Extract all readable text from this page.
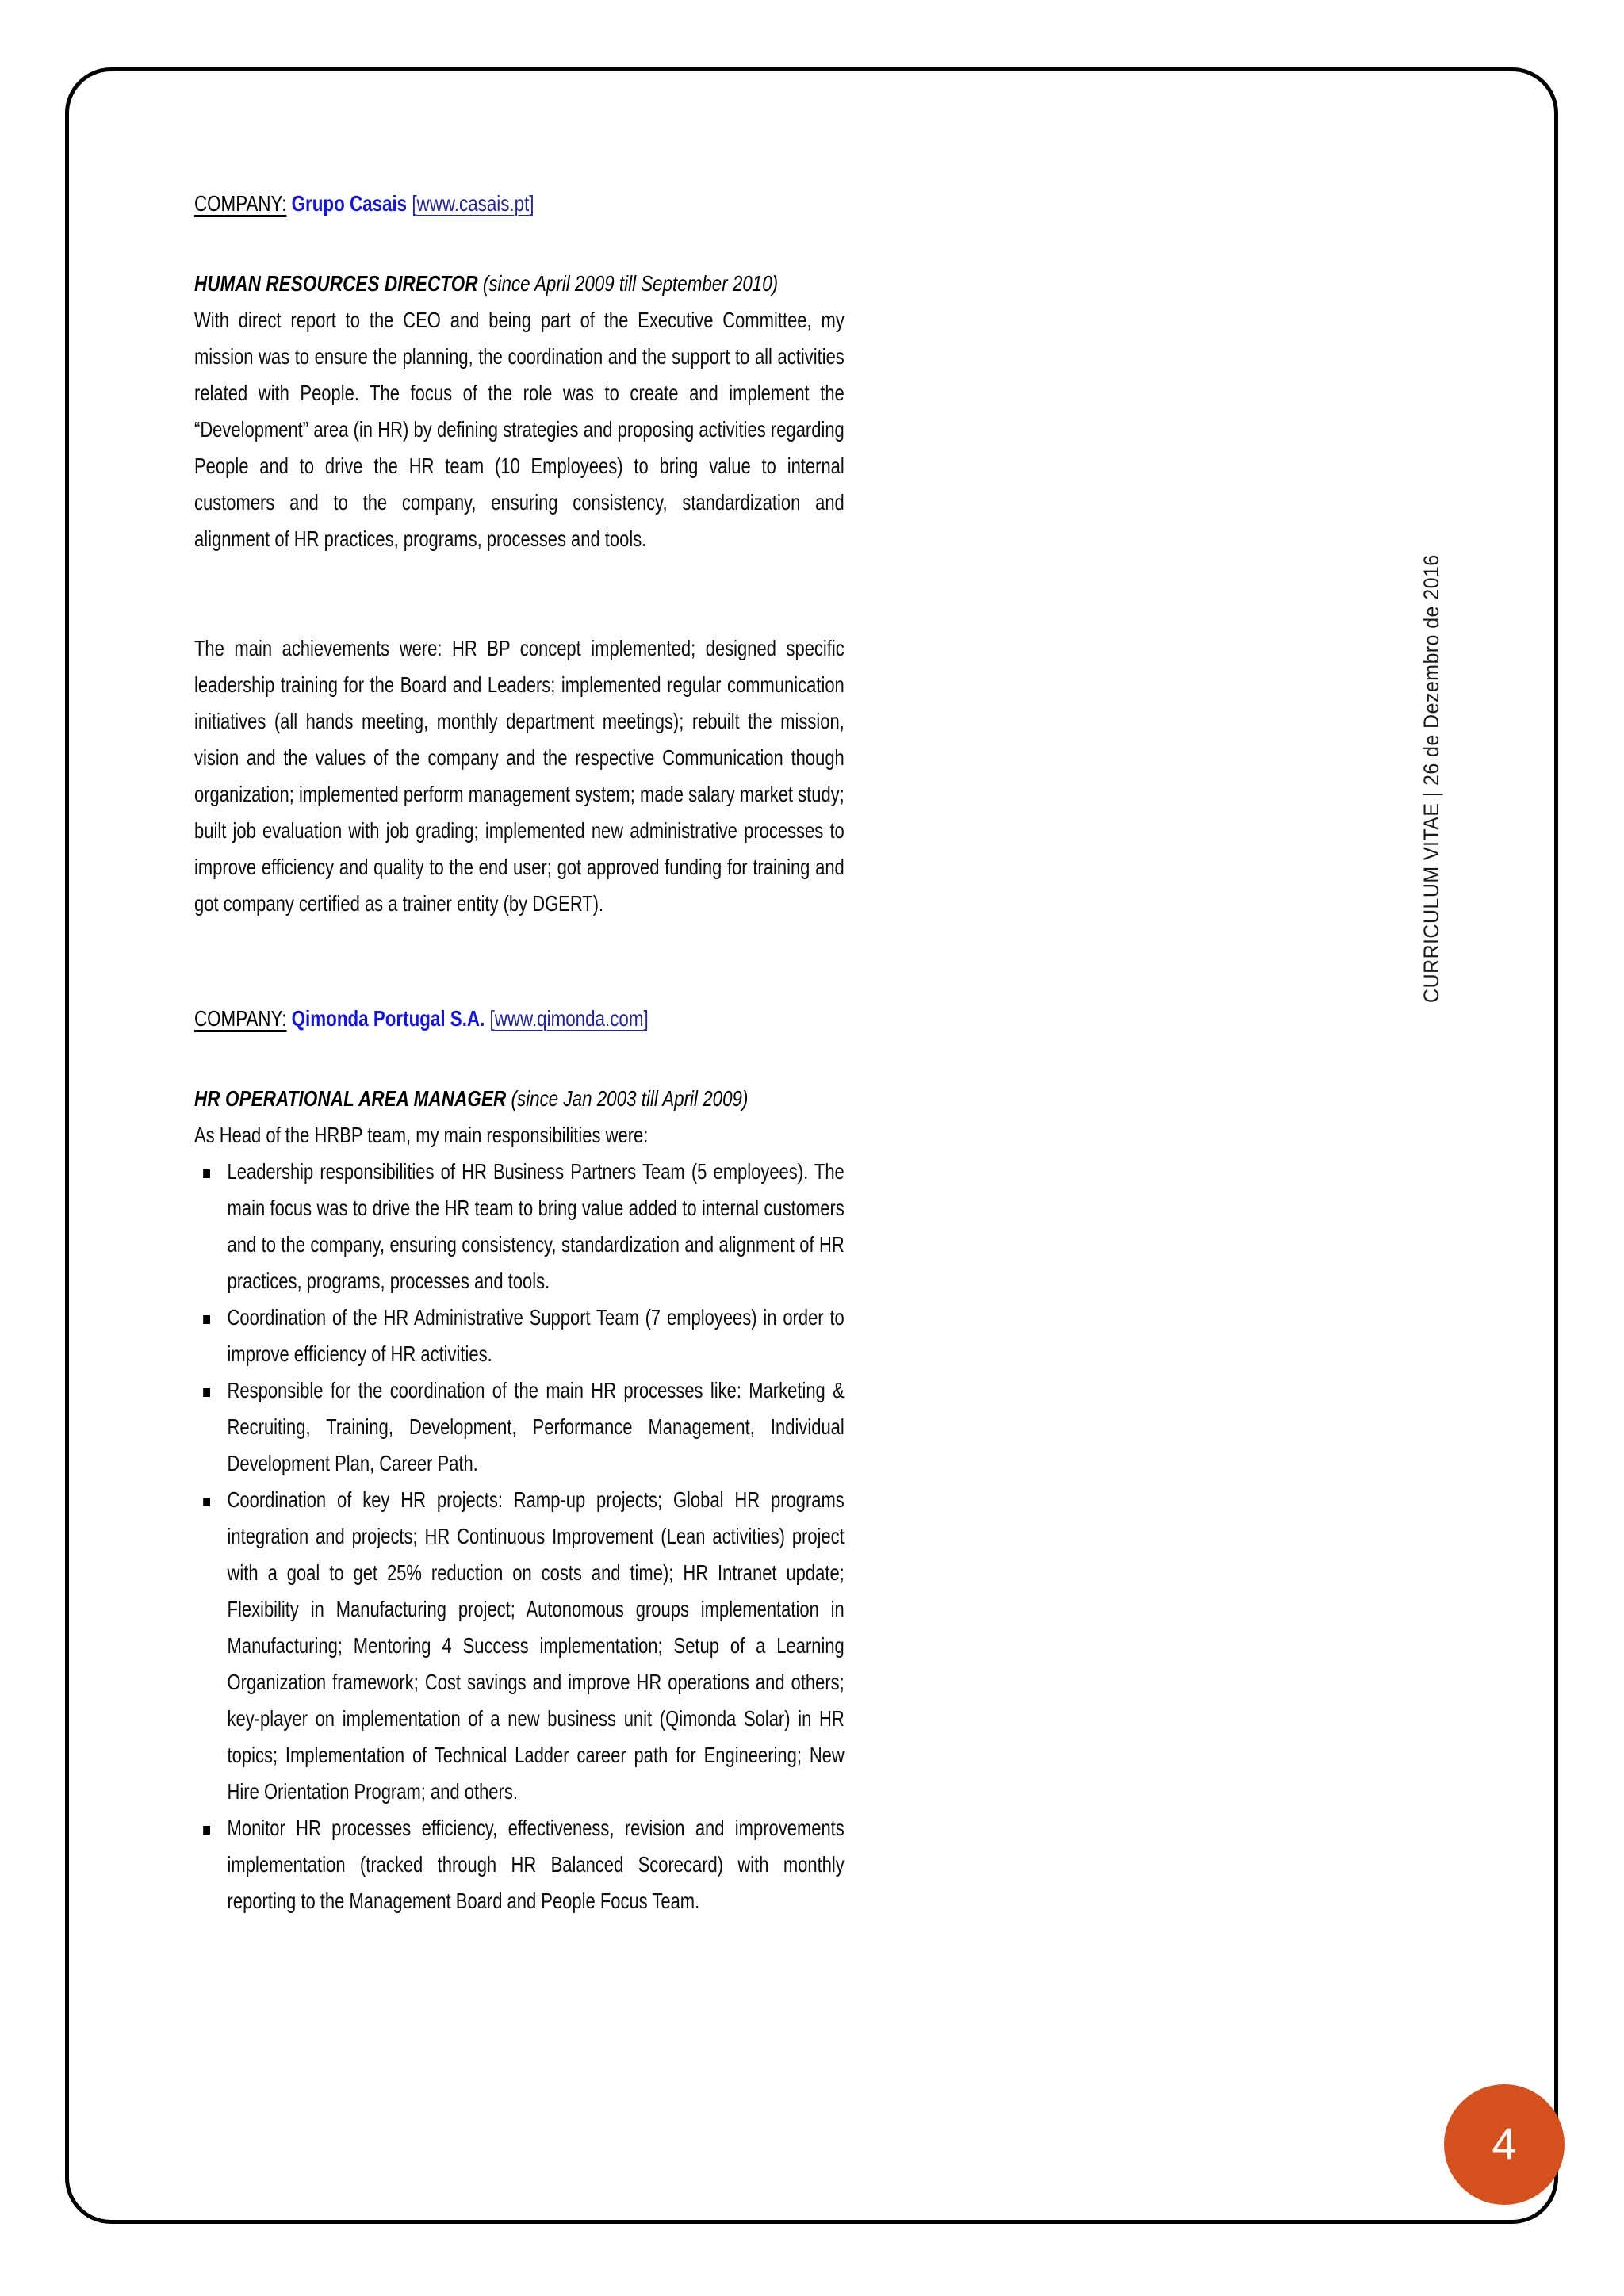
COMPANY: Grupo Casais [www.casais.pt]

HUMAN RESOURCES DIRECTOR (since April 2009 till September 2010)

With direct report to the CEO and being part of the Executive Committee, my mission was to ensure the planning, the coordination and the support to all activities related with People. The focus of the role was to create and implement the “Development” area (in HR) by defining strategies and proposing activities regarding People and to drive the HR team (10 Employees) to bring value to internal customers and to the company, ensuring consistency, standardization and alignment of HR practices, programs, processes and tools.

The main achievements were: HR BP concept implemented; designed specific leadership training for the Board and Leaders; implemented regular communication initiatives (all hands meeting, monthly department meetings); rebuilt the mission, vision and the values of the company and the respective Communication though organization; implemented perform management system; made salary market study; built job evaluation with job grading; implemented new administrative processes to improve efficiency and quality to the end user; got approved funding for training and got company certified as a trainer entity (by DGERT).

COMPANY: Qimonda Portugal S.A. [www.qimonda.com]

HR OPERATIONAL AREA MANAGER (since Jan 2003 till April 2009)

As Head of the HRBP team, my main responsibilities were:

Leadership responsibilities of HR Business Partners Team (5 employees). The main focus was to drive the HR team to bring value added to internal customers and to the company, ensuring consistency, standardization and alignment of HR practices, programs, processes and tools.
Coordination of the HR Administrative Support Team (7 employees) in order to improve efficiency of HR activities.
Responsible for the coordination of the main HR processes like: Marketing & Recruiting, Training, Development, Performance Management, Individual Development Plan, Career Path.
Coordination of key HR projects: Ramp-up projects; Global HR programs integration and projects; HR Continuous Improvement (Lean activities) project with a goal to get 25% reduction on costs and time); HR Intranet update; Flexibility in Manufacturing project; Autonomous groups implementation in Manufacturing; Mentoring 4 Success implementation; Setup of a Learning Organization framework; Cost savings and improve HR operations and others; key-player on implementation of a new business unit (Qimonda Solar) in HR topics; Implementation of Technical Ladder career path for Engineering; New Hire Orientation Program; and others.
Monitor HR processes efficiency, effectiveness, revision and improvements implementation (tracked through HR Balanced Scorecard) with monthly reporting to the Management Board and People Focus Team.
CURRICULUM VITAE | 26 de Dezembro de 2016
4
